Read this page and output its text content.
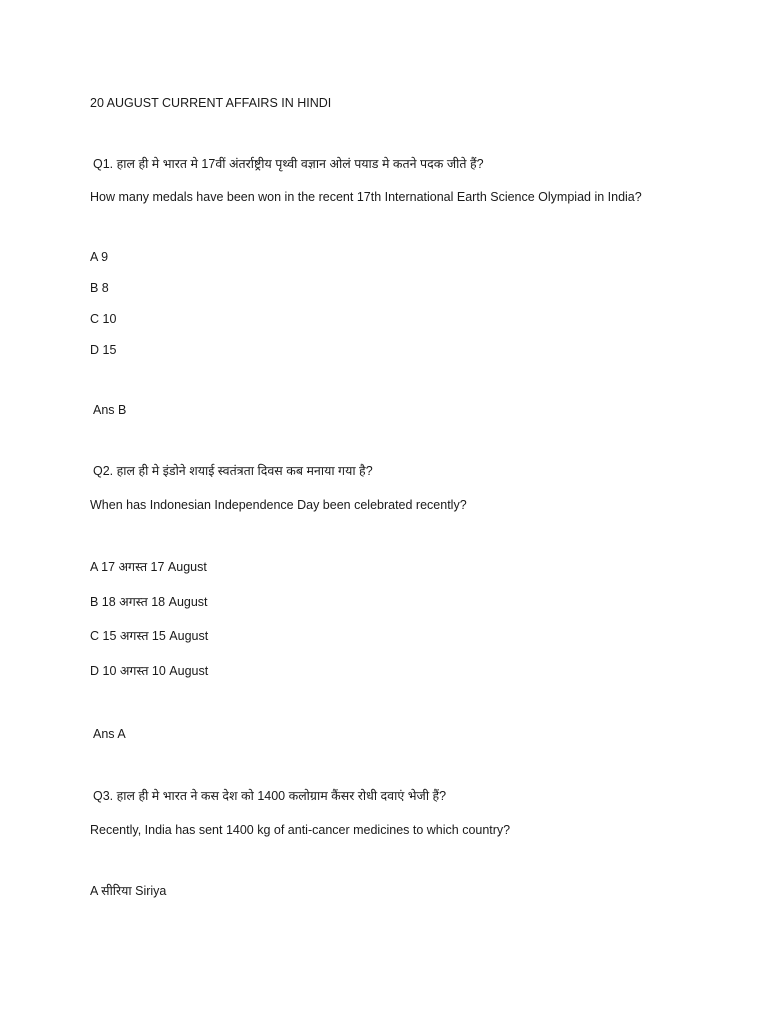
20 AUGUST CURRENT AFFAIRS IN HINDI
Q1. हाल ही मे भारत मे 17वीं अंतर्राष्ट्रीय पृथ्वी वज्ञान ओलं पयाड मे कतने पदक जीते हैं?
How many medals have been won in the recent 17th International Earth Science Olympiad in India?
A 9
B 8
C 10
D 15
Ans B
Q2. हाल ही मे इंडोने शयाई स्वतंत्रता दिवस कब मनाया गया है?
When has Indonesian Independence Day been celebrated recently?
A 17 अगस्त 17 August
B 18 अगस्त 18 August
C 15 अगस्त 15 August
D 10 अगस्त 10 August
Ans A
Q3. हाल ही मे भारत ने कस देश को 1400 कलोग्राम कैंसर रोधी दवाएं भेजी हैं?
Recently, India has sent 1400 kg of anti-cancer medicines to which country?
A सीरिया Siriya
